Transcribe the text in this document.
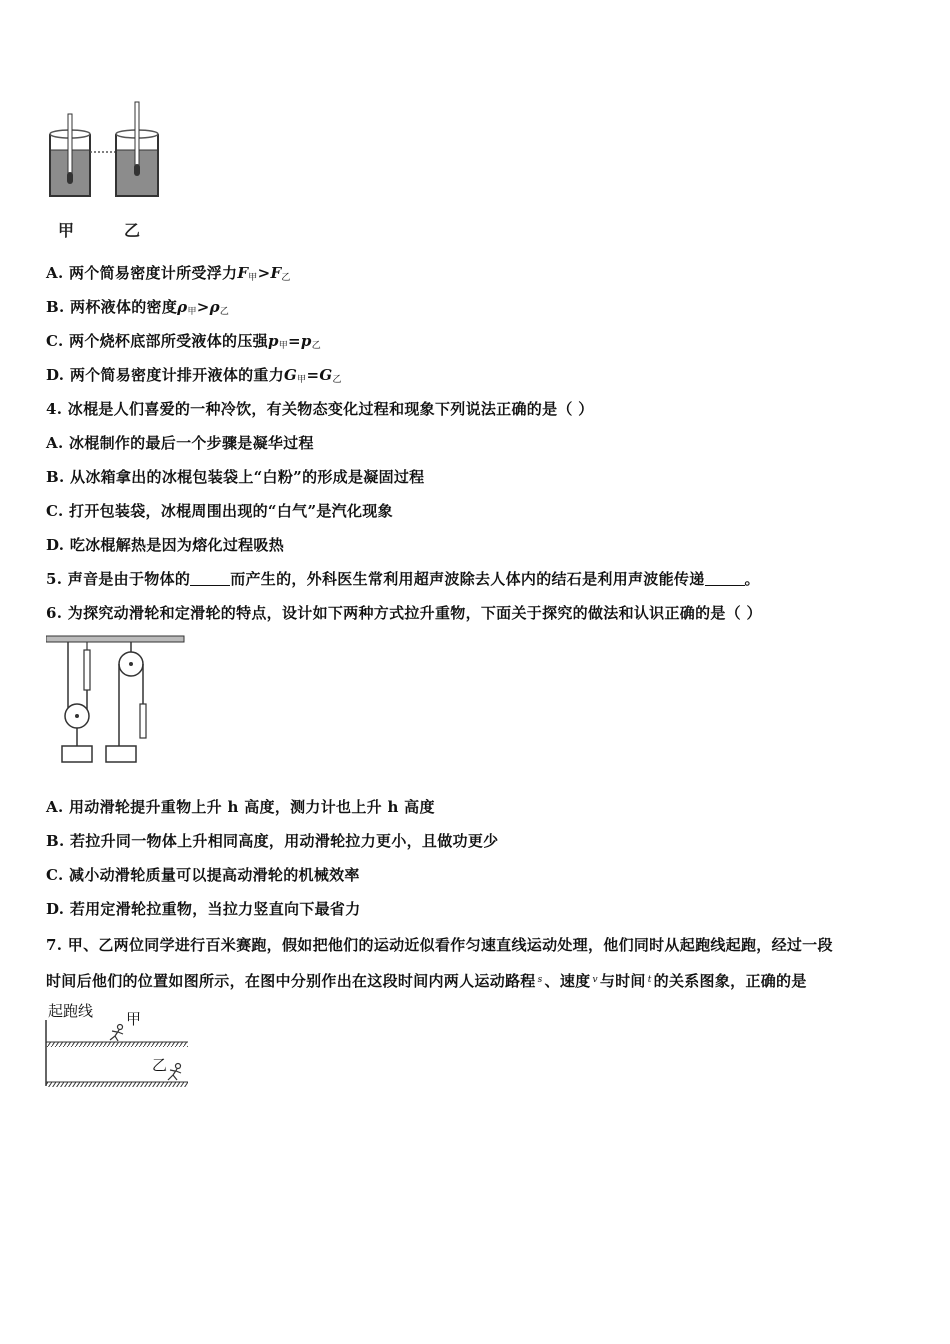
甲	乙
A. 两个简易密度计所受浮力F甲>F乙
B. 两杯液体的密度ρ甲>ρ乙
C. 两个烧杯底部所受液体的压强p甲=p乙
D. 两个简易密度计排开液体的重力G甲=G乙
4. 冰棍是人们喜爱的一种冷饮，有关物态变化过程和现象下列说法正确的是（ ）
A. 冰棍制作的最后一个步骤是凝华过程
B. 从冰箱拿出的冰棍包装袋上“白粉”的形成是凝固过程
C. 打开包装袋，冰棍周围出现的“白气”是汽化现象
D. 吃冰棍解热是因为熔化过程吸热
5. 声音是由于物体的	而产生的，外科医生常利用超声波除去人体内的结石是利用声波能传递	。
6. 为探究动滑轮和定滑轮的特点，设计如下两种方式拉升重物，下面关于探究的做法和认识正确的是（ ）
A. 用动滑轮提升重物上升 h 高度，测力计也上升 h 高度
B. 若拉升同一物体上升相同高度，用动滑轮拉力更小，且做功更少
C. 减小动滑轮质量可以提高动滑轮的机械效率
D. 若用定滑轮拉重物，当拉力竖直向下最省力
7. 甲、乙两位同学进行百米赛跑，假如把他们的运动近似看作匀速直线运动处理，他们同时从起跑线起跑，经过一段
时间后他们的位置如图所示，在图中分别作出在这段时间内两人运动路程 $^s$ 、速度 $^v$ 与时间 $^t$ 的关系图象，正确的是
起跑线 甲
乙
